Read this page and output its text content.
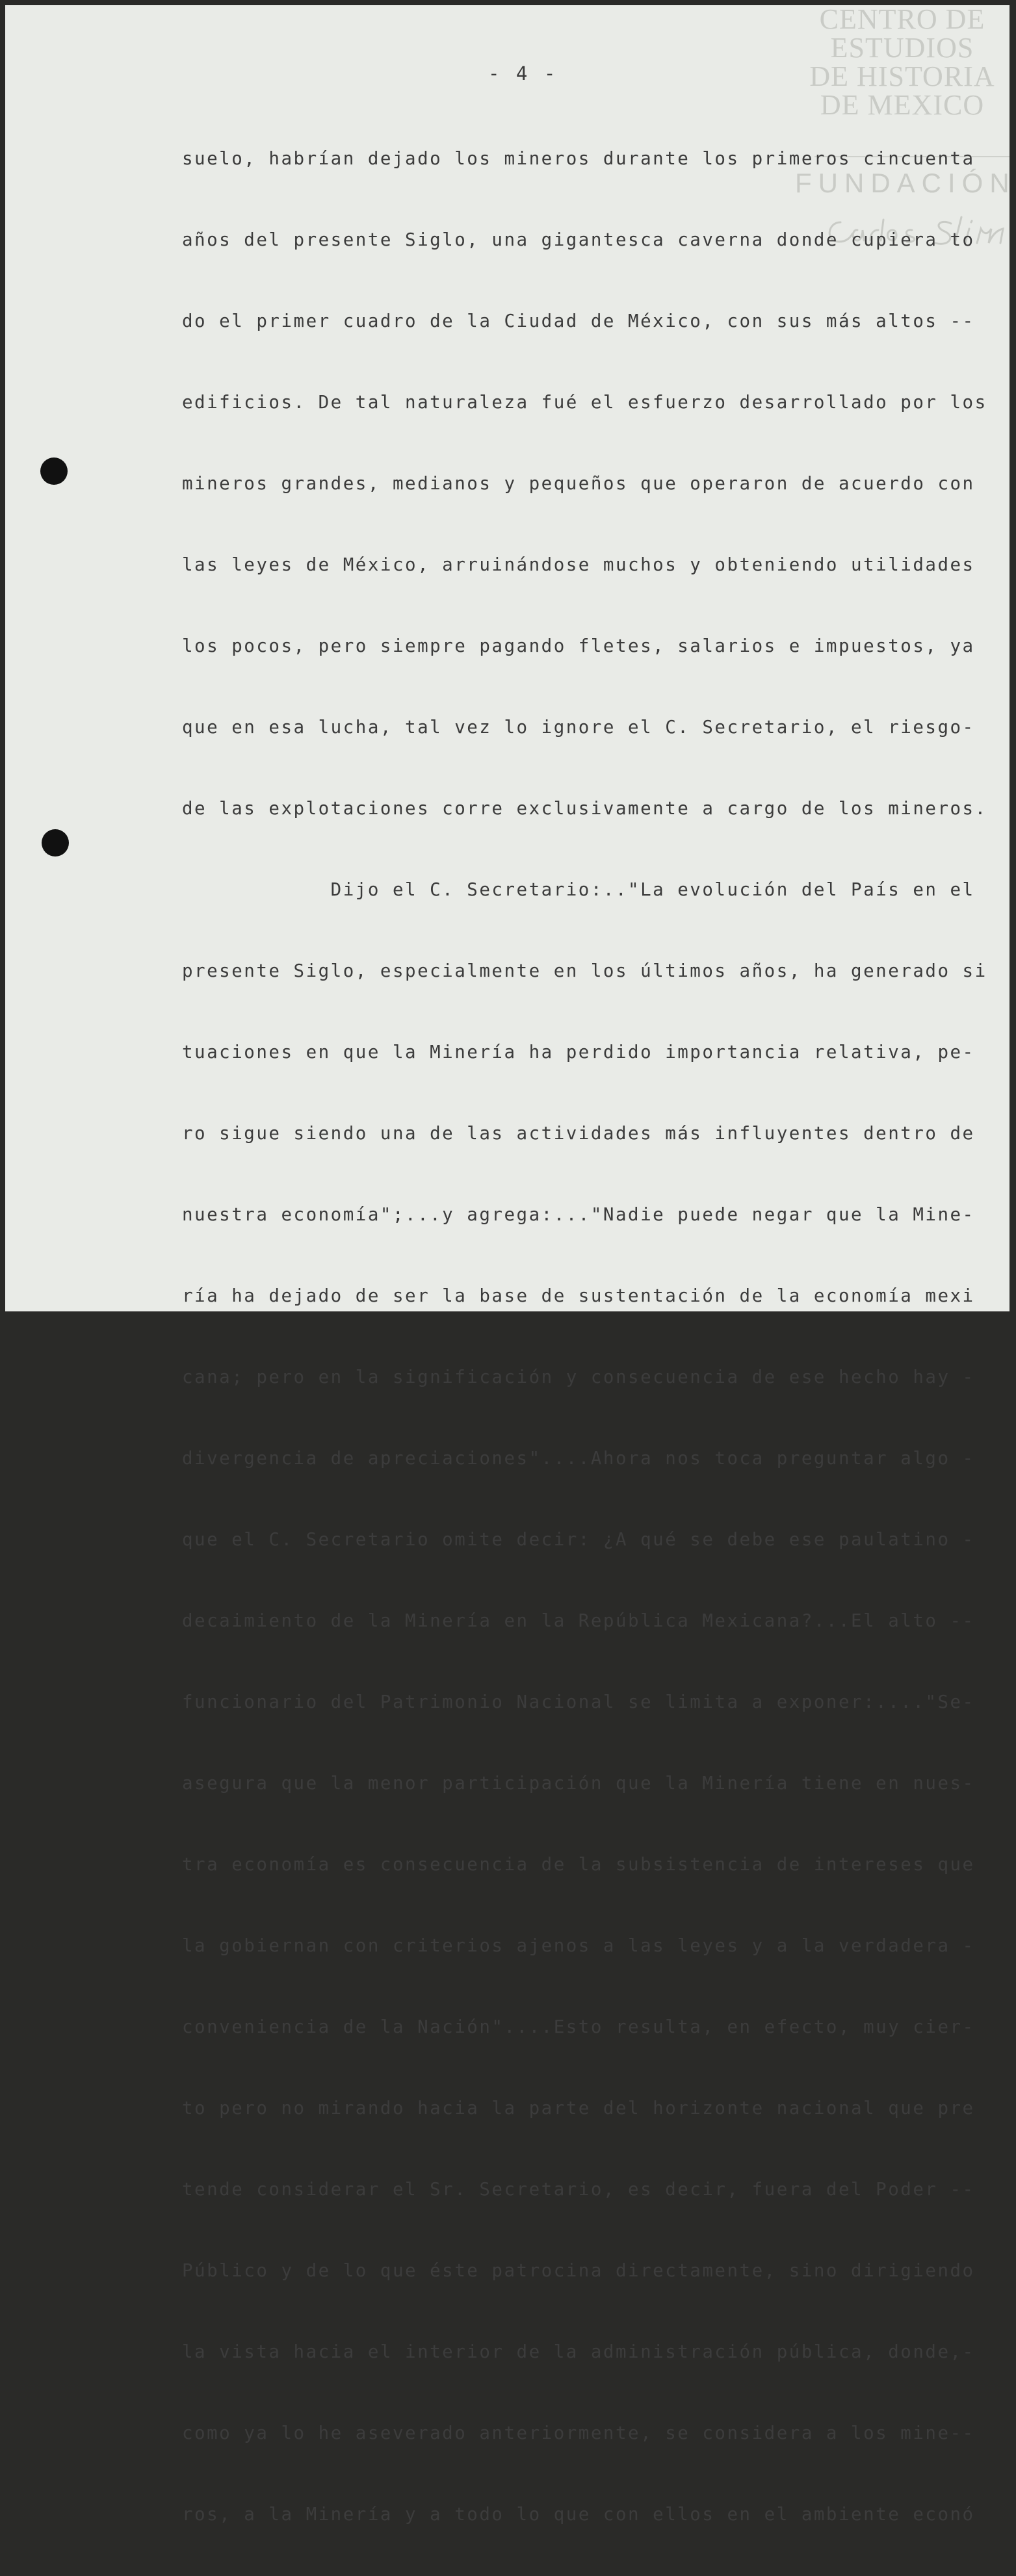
CENTRO DE
ESTUDIOS
DE HISTORIA
DE MEXICO
FUNDACIÓN
- 4 -

suelo, habrían dejado los mineros durante los primeros cincuenta

años del presente Siglo, una gigantesca caverna donde cupiera to

do el primer cuadro de la Ciudad de México, con sus más altos --

edificios. De tal naturaleza fué el esfuerzo desarrollado por los

mineros grandes, medianos y pequeños que operaron de acuerdo con

las leyes de México, arruinándose muchos y obteniendo utilidades

los pocos, pero siempre pagando fletes, salarios e impuestos, ya

que en esa lucha, tal vez lo ignore el C. Secretario, el riesgo-

de las explotaciones corre exclusivamente a cargo de los mineros.

Dijo el C. Secretario:.."La evolución del País en el

presente Siglo, especialmente en los últimos años, ha generado si

tuaciones en que la Minería ha perdido importancia relativa, pe-

ro sigue siendo una de las actividades más influyentes dentro de

nuestra economía";...y agrega:..."Nadie puede negar que la Mine-

ría ha dejado de ser la base de sustentación de la economía mexi

cana; pero en la significación y consecuencia de ese hecho hay -

divergencia de apreciaciones"....Ahora nos toca preguntar algo -

que el C. Secretario omite decir: ¿A qué se debe ese paulatino -

decaimiento de la Minería en la República Mexicana?...El alto --

funcionario del Patrimonio Nacional se limita a exponer:...."Se-

asegura que la menor participación que la Minería tiene en nues-

tra economía es consecuencia de la subsistencia de intereses que

la gobiernan con criterios ajenos a las leyes y a la verdadera -

conveniencia de la Nación"....Esto resulta, en efecto, muy cier-

to pero no mirando hacia la parte del horizonte nacional que pre

tende considerar el Sr. Secretario, es decir, fuera del Poder --

Público y de lo que éste patrocina directamente, sino dirigiendo

la vista hacia el interior de la administración pública, donde,-

como ya lo he aseverado anteriormente, se considera a los mine--

ros, a la Minería y a todo lo que con ellos en el ambiente econó
